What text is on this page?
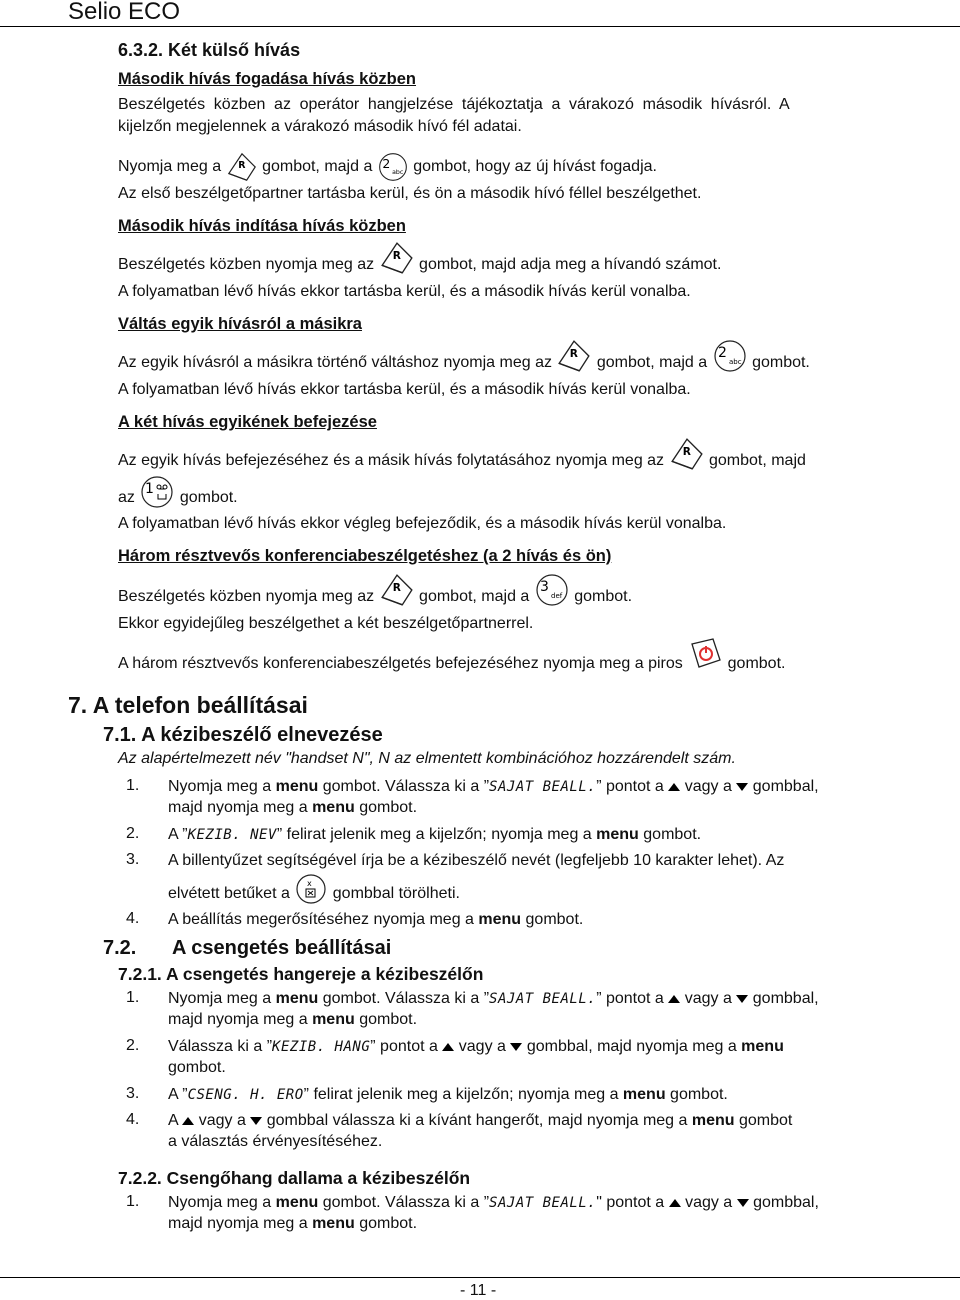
Selio ECO
6.3.2. Két külső hívás
Második hívás fogadása hívás közben
Beszélgetés közben az operátor hangjelzése tájékoztatja a várakozó második hívásról. A
kijelzőn megjelennek a várakozó második hívó fél adatai.
Nyomja meg a	gombot, majd a	gombot, hogy az új hívást fogadja.
Az első beszélgetőpartner tartásba kerül, és ön a második hívó féllel beszélgethet.
Második hívás indítása hívás közben
Beszélgetés közben nyomja meg az	gombot, majd adja meg a hívandó számot.
A folyamatban lévő hívás ekkor tartásba kerül, és a második hívás kerül vonalba.
Váltás egyik hívásról a másikra
Az egyik hívásról a másikra történő váltáshoz nyomja meg az	gombot, majd a	gombot.
A folyamatban lévő hívás ekkor tartásba kerül, és a második hívás kerül vonalba.
A két hívás egyikének befejezése
Az egyik hívás befejezéséhez és a másik hívás folytatásához nyomja meg az	gombot, majd
az	gombot.
A folyamatban lévő hívás ekkor végleg befejeződik, és a második hívás kerül vonalba.
Három résztvevős konferenciabeszélgetéshez (a 2 hívás és ön)
Beszélgetés közben nyomja meg az	gombot, majd a	gombot.
Ekkor egyidejűleg beszélgethet a két beszélgetőpartnerrel.
A három résztvevős konferenciabeszélgetés befejezéséhez nyomja meg a piros	gombot.
7. A telefon beállításai
7.1. A kézibeszélő elnevezése
Az alapértelmezett név "handset N", N az elmentett kombinációhoz hozzárendelt szám.
1. Nyomja meg a menu gombot. Válassza ki a ”SAJAT BEALL.” pontot a vagy a gombbal,
majd nyomja meg a menu gombot.
2. A ”KEZIB. NEV” felirat jelenik meg a kijelzőn; nyomja meg a menu gombot.
3. A billentyűzet segítségével írja be a kézibeszélő nevét (legfeljebb 10 karakter lehet). Az
elvétett betűket a	gombbal törölheti.
4. A beállítás megerősítéséhez nyomja meg a menu gombot.
7.2. A csengetés beállításai
7.2.1. A csengetés hangereje a kézibeszélőn
1. Nyomja meg a menu gombot. Válassza ki a ”SAJAT BEALL.” pontot a vagy a gombbal,
majd nyomja meg a menu gombot.
2. Válassza ki a ”KEZIB. HANG” pontot a vagy a gombbal, majd nyomja meg a menu
gombot.
3. A ”CSENG. H. ERO” felirat jelenik meg a kijelzőn; nyomja meg a menu gombot.
4. A vagy a gombbal válassza ki a kívánt hangerőt, majd nyomja meg a menu gombot
a választás érvényesítéséhez.
7.2.2. Csengőhang dallama a kézibeszélőn
1. Nyomja meg a menu gombot. Válassza ki a ”SAJAT BEALL." pontot a vagy a gombbal,
majd nyomja meg a menu gombot.
- 11 -
